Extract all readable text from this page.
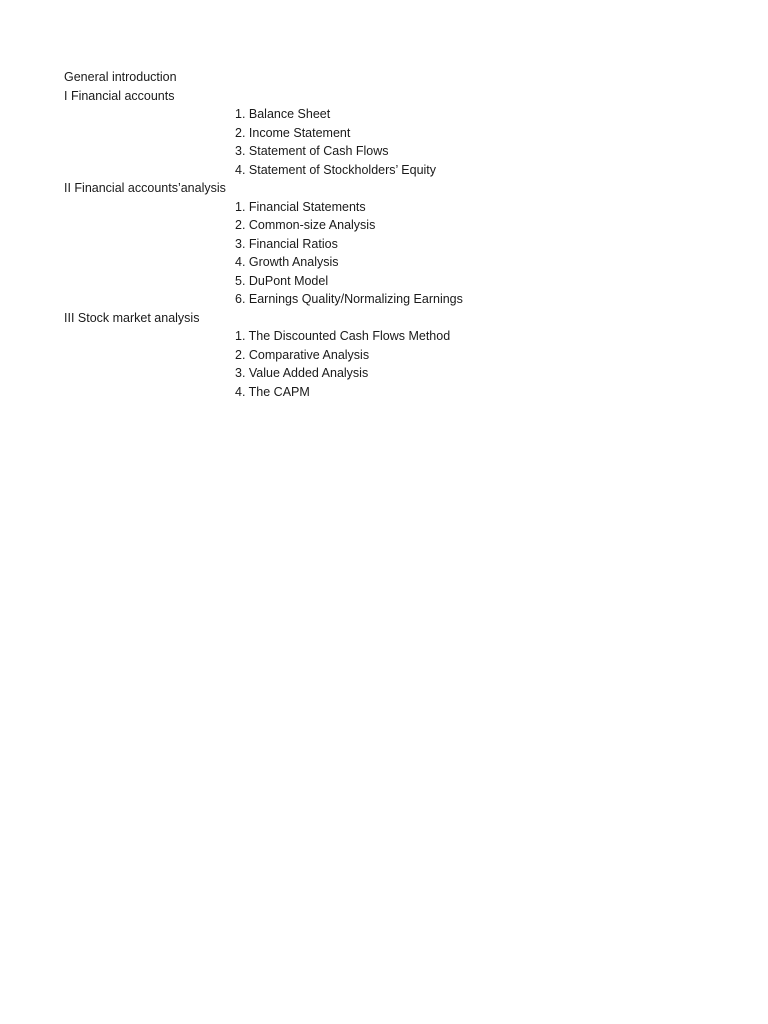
General introduction
I Financial accounts
1. Balance Sheet
2. Income Statement
3. Statement of Cash Flows
4. Statement of Stockholders’ Equity
II Financial accounts’analysis
1. Financial Statements
2. Common-size Analysis
3. Financial Ratios
4. Growth Analysis
5. DuPont Model
6. Earnings Quality/Normalizing Earnings
III Stock market analysis
1. The Discounted Cash Flows Method
2. Comparative Analysis
3. Value Added Analysis
4. The CAPM
